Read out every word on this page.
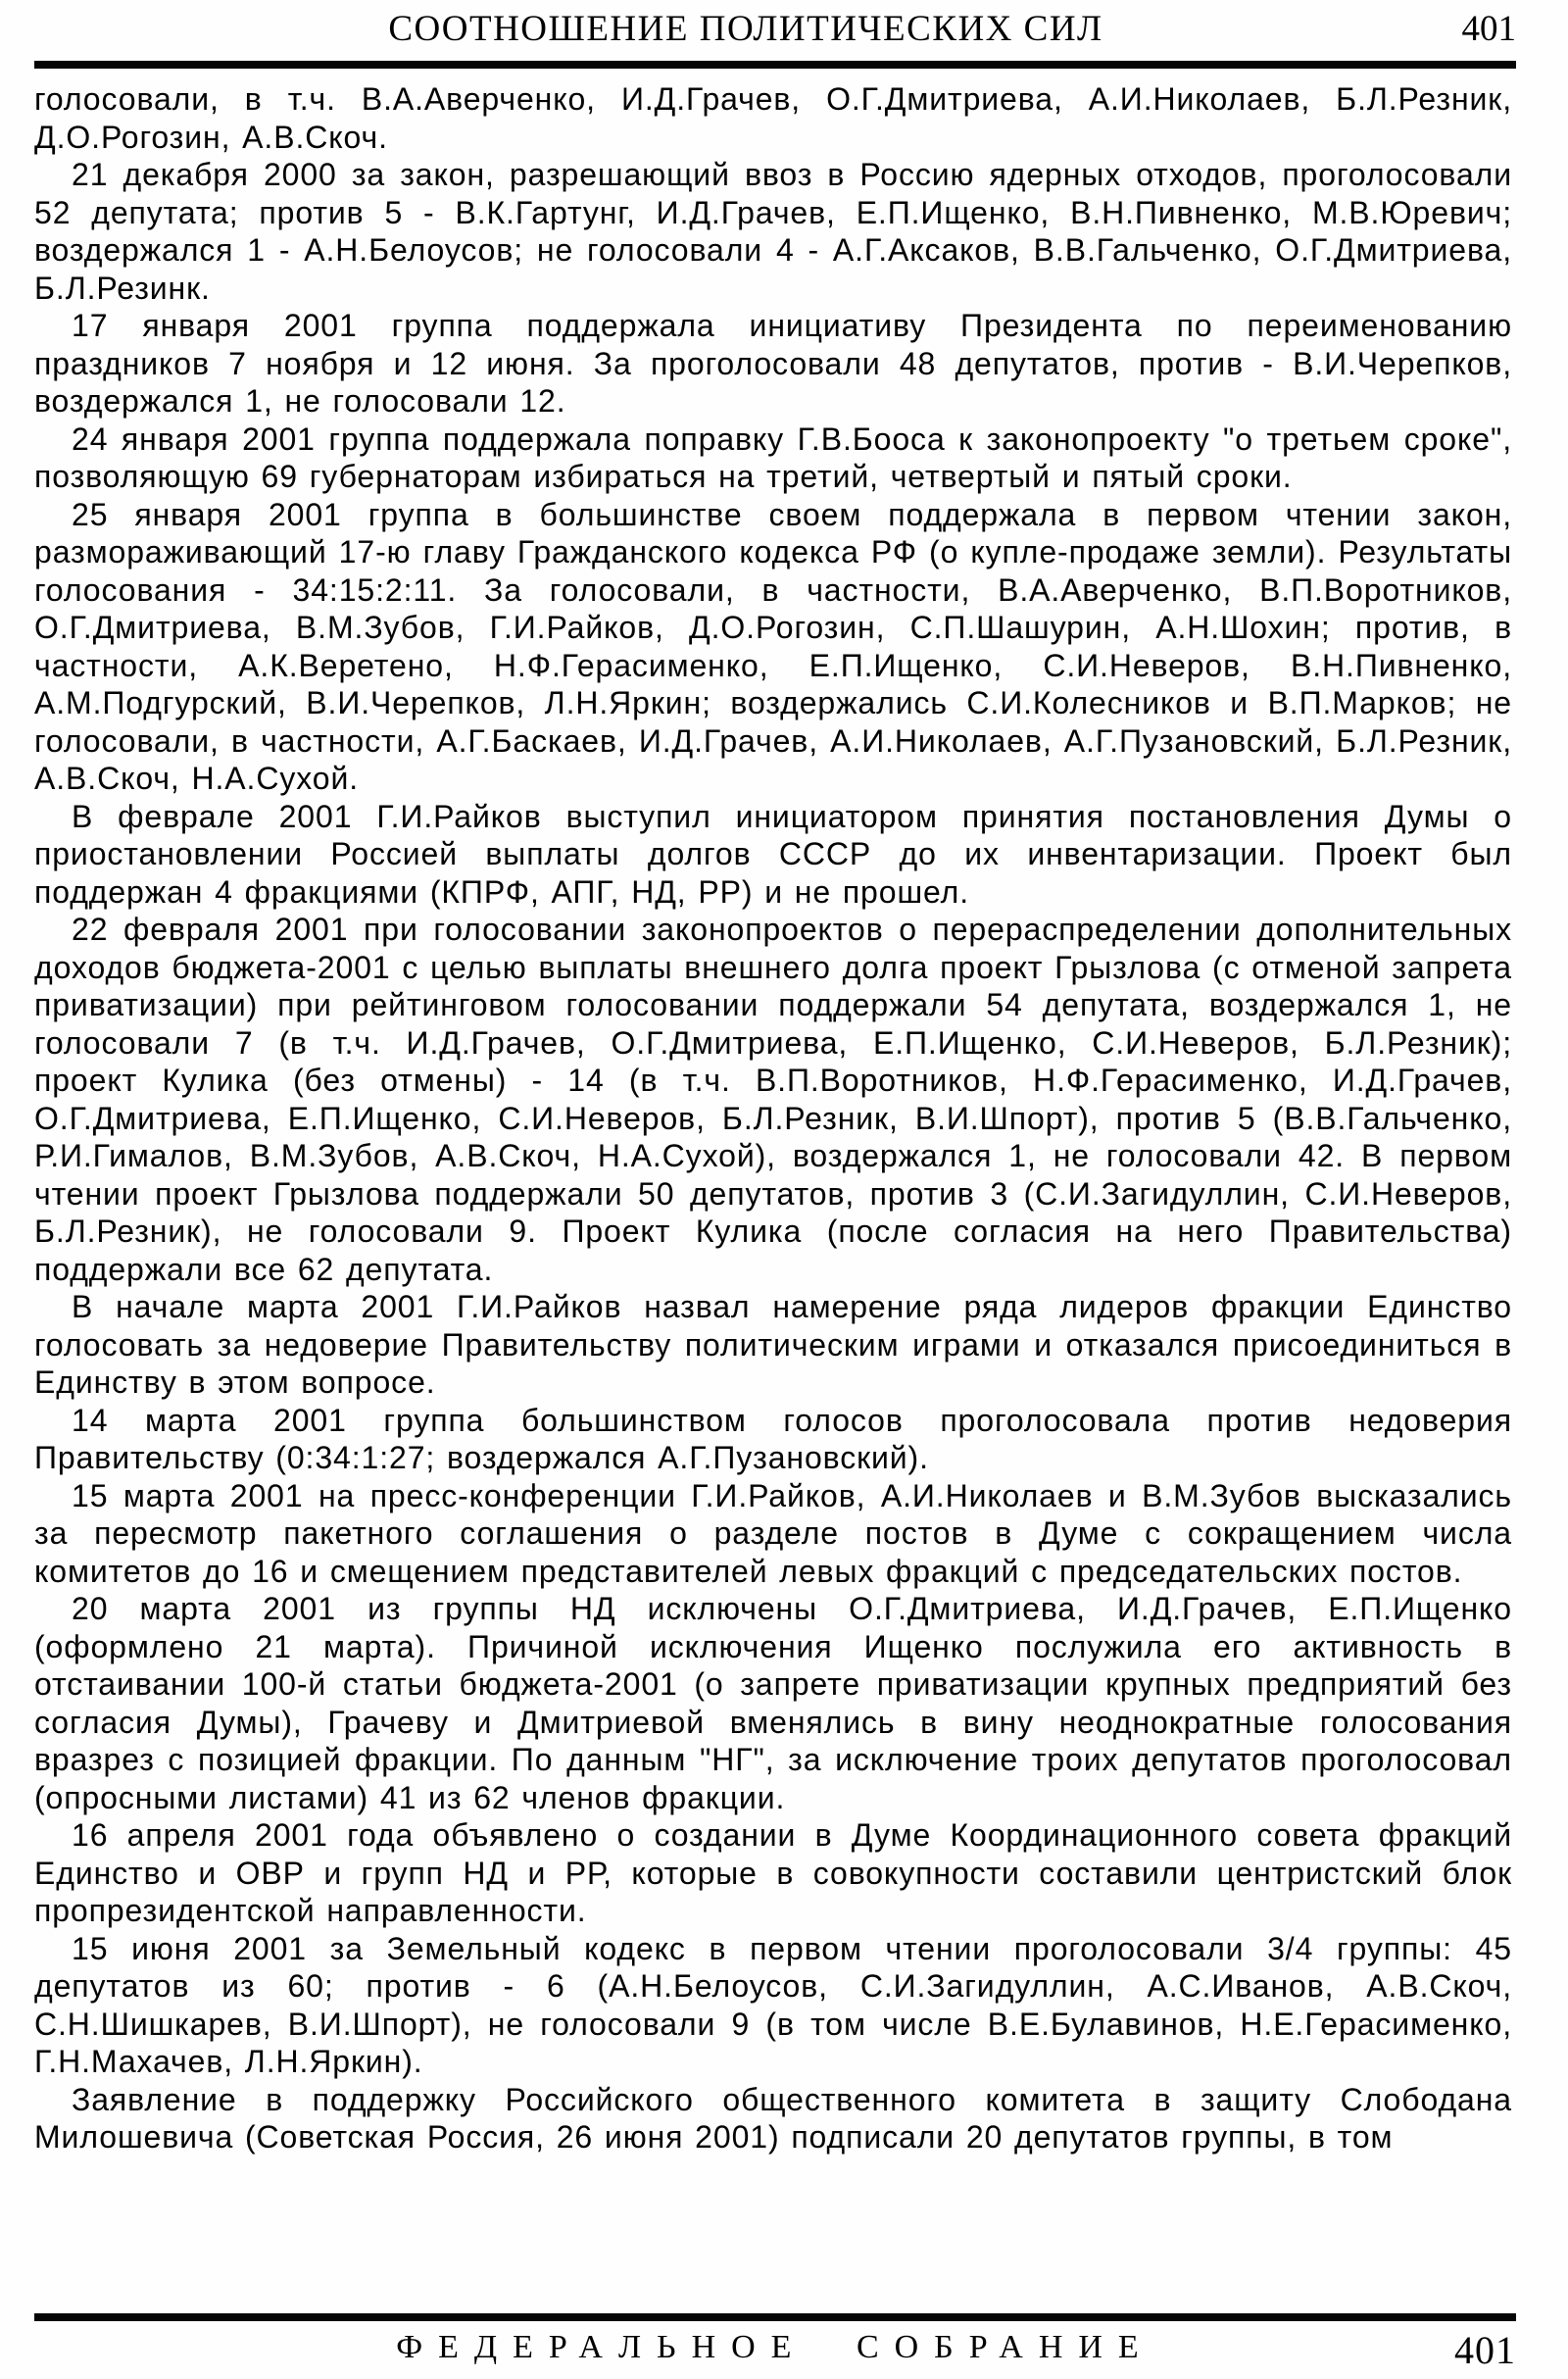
СООТНОШЕНИЕ ПОЛИТИЧЕСКИХ СИЛ	401

голосовали, в т.ч. В.А.Аверченко, И.Д.Грачев, О.Г.Дмитриева, А.И.Николаев, Б.Л.Резник, Д.О.Рогозин, А.В.Скоч.

21 декабря 2000 за закон, разрешающий ввоз в Россию ядерных отходов, проголосовали 52 депутата; против 5 - В.К.Гартунг, И.Д.Грачев, Е.П.Ищенко, В.Н.Пивненко, М.В.Юревич; воздержался 1 - А.Н.Белоусов; не голосовали 4 - А.Г.Аксаков, В.В.Гальченко, О.Г.Дмитриева, Б.Л.Резинк.

17 января 2001 группа поддержала инициативу Президента по переименованию праздников 7 ноября и 12 июня. За проголосовали 48 депутатов, против - В.И.Черепков, воздержался 1, не голосовали 12.

24 января 2001 группа поддержала поправку Г.В.Бооса к законопроекту "о третьем сроке", позволяющую 69 губернаторам избираться на третий, четвертый и пятый сроки.

25 января 2001 группа в большинстве своем поддержала в первом чтении закон, размораживающий 17-ю главу Гражданского кодекса РФ (о купле-продаже земли). Результаты голосования - 34:15:2:11. За голосовали, в частности, В.А.Аверченко, В.П.Воротников, О.Г.Дмитриева, В.М.Зубов, Г.И.Райков, Д.О.Рогозин, С.П.Шашурин, А.Н.Шохин; против, в частности, А.К.Веретено, Н.Ф.Герасименко, Е.П.Ищенко, С.И.Неверов, В.Н.Пивненко, А.М.Подгурский, В.И.Черепков, Л.Н.Яркин; воздержались С.И.Колесников и В.П.Марков; не голосовали, в частности, А.Г.Баскаев, И.Д.Грачев, А.И.Николаев, А.Г.Пузановский, Б.Л.Резник, А.В.Скоч, Н.А.Сухой.

В феврале 2001 Г.И.Райков выступил инициатором принятия постановления Думы о приостановлении Россией выплаты долгов СССР до их инвентаризации. Проект был поддержан 4 фракциями (КПРФ, АПГ, НД, РР) и не прошел.

22 февраля 2001 при голосовании законопроектов о перераспределении дополнительных доходов бюджета-2001 с целью выплаты внешнего долга проект Грызлова (с отменой запрета приватизации) при рейтинговом голосовании поддержали 54 депутата, воздержался 1, не голосовали 7 (в т.ч. И.Д.Грачев, О.Г.Дмитриева, Е.П.Ищенко, С.И.Неверов, Б.Л.Резник); проект Кулика (без отмены) - 14 (в т.ч. В.П.Воротников, Н.Ф.Герасименко, И.Д.Грачев, О.Г.Дмитриева, Е.П.Ищенко, С.И.Неверов, Б.Л.Резник, В.И.Шпорт), против 5 (В.В.Гальченко, Р.И.Гималов, В.М.Зубов, А.В.Скоч, Н.А.Сухой), воздержался 1, не голосовали 42. В первом чтении проект Грызлова поддержали 50 депутатов, против 3 (С.И.Загидуллин, С.И.Неверов, Б.Л.Резник), не голосовали 9. Проект Кулика (после согласия на него Правительства) поддержали все 62 депутата.

В начале марта 2001 Г.И.Райков назвал намерение ряда лидеров фракции Единство голосовать за недоверие Правительству политическим играми и отказался присоединиться в Единству в этом вопросе.

14 марта 2001 группа большинством голосов проголосовала против недоверия Правительству (0:34:1:27; воздержался А.Г.Пузановский).

15 марта 2001 на пресс-конференции Г.И.Райков, А.И.Николаев и В.М.Зубов высказались за пересмотр пакетного соглашения о разделе постов в Думе с сокращением числа комитетов до 16 и смещением представителей левых фракций с председательских постов.

20 марта 2001 из группы НД исключены О.Г.Дмитриева, И.Д.Грачев, Е.П.Ищенко (оформлено 21 марта). Причиной исключения Ищенко послужила его активность в отстаивании 100-й статьи бюджета-2001 (о запрете приватизации крупных предприятий без согласия Думы), Грачеву и Дмитриевой вменялись в вину неоднократные голосования вразрез с позицией фракции. По данным "НГ", за исключение троих депутатов проголосовал (опросными листами) 41 из 62 членов фракции.

16 апреля 2001 года объявлено о создании в Думе Координационного совета фракций Единство и ОВР и групп НД и РР, которые в совокупности составили центристский блок пропрезидентской направленности.

15 июня 2001 за Земельный кодекс в первом чтении проголосовали 3/4 группы: 45 депутатов из 60; против - 6 (А.Н.Белоусов, С.И.Загидуллин, А.С.Иванов, А.В.Скоч, С.Н.Шишкарев, В.И.Шпорт), не голосовали 9 (в том числе В.Е.Булавинов, Н.Е.Герасименко, Г.Н.Махачев, Л.Н.Яркин).

Заявление в поддержку Российского общественного комитета в защиту Слободана Милошевича (Советская Россия, 26 июня 2001) подписали 20 депутатов группы, в том

ФЕДЕРАЛЬНОЕ СОБРАНИЕ	401
